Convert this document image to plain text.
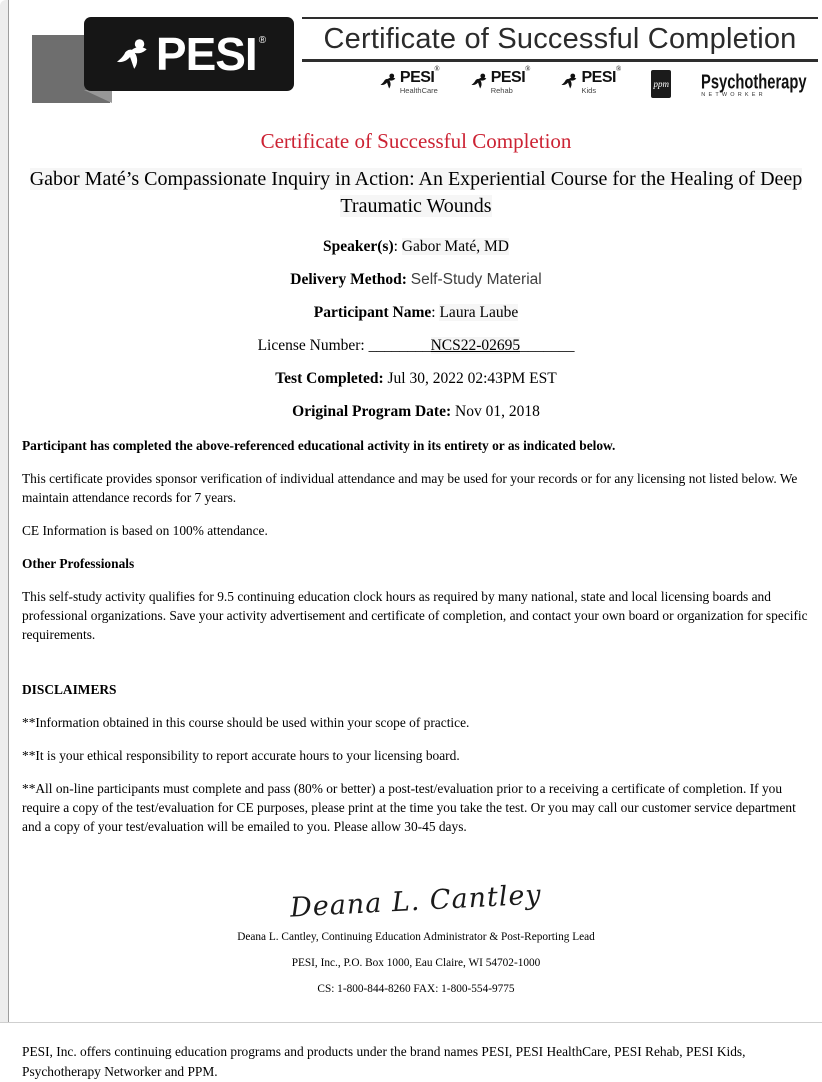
PESI ®	Certificate of Successful Completion
PESI®
HealthCare
PESI®
Rehab
PESI®
Kids
ppm Psychotherapy
NETWORKER
Certificate of Successful Completion
Gabor Maté’s Compassionate Inquiry in Action: An Experiential Course for the Healing of Deep Traumatic Wounds
Speaker(s): Gabor Maté, MD
Delivery Method: Self-Study Material
Participant Name: Laura Laube
License Number: ________NCS22-02695_______
Test Completed: Jul 30, 2022 02:43PM EST
Original Program Date: Nov 01, 2018

Participant has completed the above-referenced educational activity in its entirety or as indicated below.

This certificate provides sponsor verification of individual attendance and may be used for your records or for any licensing not listed below. We maintain attendance records for 7 years.

CE Information is based on 100% attendance.

Other Professionals

This self-study activity qualifies for 9.5 continuing education clock hours as required by many national, state and local licensing boards and professional organizations. Save your activity advertisement and certificate of completion, and contact your own board or organization for specific requirements.

DISCLAIMERS

**Information obtained in this course should be used within your scope of practice.

**It is your ethical responsibility to report accurate hours to your licensing board.

**All on-line participants must complete and pass (80% or better) a post-test/evaluation prior to a receiving a certificate of completion. If you require a copy of the test/evaluation for CE purposes, please print at the time you take the test. Or you may call our customer service department and a copy of your test/evaluation will be emailed to you. Please allow 30-45 days.

Deana L. Cantley
Deana L. Cantley, Continuing Education Administrator & Post-Reporting Lead
PESI, Inc., P.O. Box 1000, Eau Claire, WI 54702-1000
CS: 1-800-844-8260 FAX: 1-800-554-9775
PESI, Inc. offers continuing education programs and products under the brand names PESI, PESI HealthCare, PESI Rehab, PESI Kids, Psychotherapy Networker and PPM.
